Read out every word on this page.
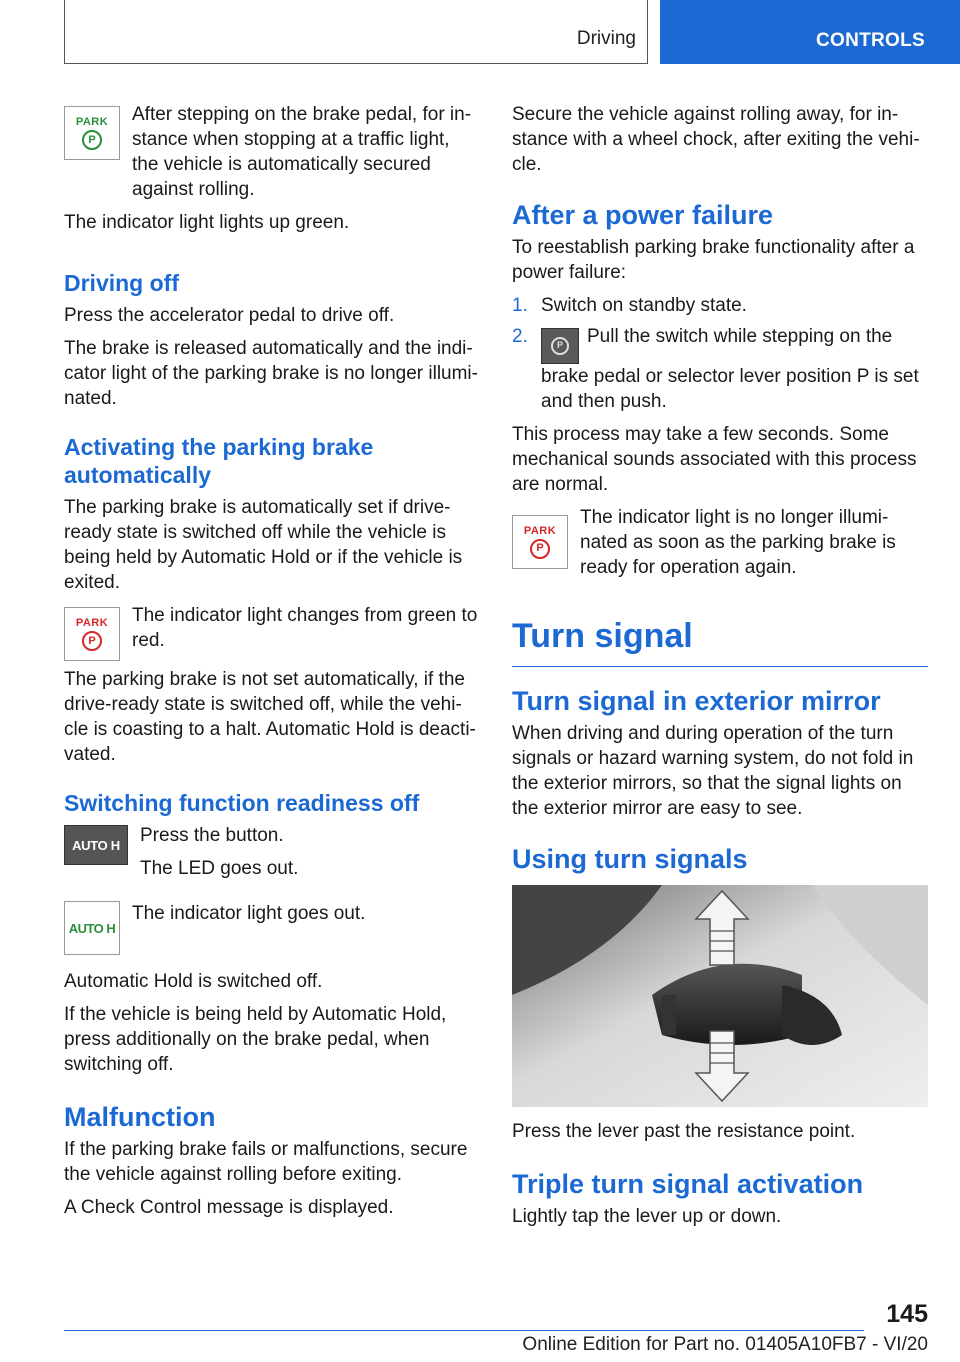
Driving	CONTROLS
PARK
P

After stepping on the brake pedal, for in-stance when stopping at a traffic light, the vehicle is automatically secured against rolling.

The indicator light lights up green.

Driving off

Press the accelerator pedal to drive off.

The brake is released automatically and the indi-cator light of the parking brake is no longer illumi-nated.

Activating the parking brake automatically

The parking brake is automatically set if drive-ready state is switched off while the vehicle is being held by Automatic Hold or if the vehicle is exited.

PARK
P

The indicator light changes from green to red.

The parking brake is not set automatically, if the drive-ready state is switched off, while the vehi-cle is coasting to a halt. Automatic Hold is deacti-vated.

Switching function readiness off
AUTO H Press the button.

The LED goes out.

AUTO H

The indicator light goes out.

Automatic Hold is switched off.

If the vehicle is being held by Automatic Hold, press additionally on the brake pedal, when switching off.

Malfunction

If the parking brake fails or malfunctions, secure the vehicle against rolling before exiting.

A Check Control message is displayed.

Secure the vehicle against rolling away, for in-stance with a wheel chock, after exiting the vehi-cle.

After a power failure

To reestablish parking brake functionality after a power failure:

1. Switch on standby state.
2.	P	Pull the switch while stepping on the brake pedal or selector lever position P is set and then push.

This process may take a few seconds. Some mechanical sounds associated with this process are normal.

PARK
P

The indicator light is no longer illumi-nated as soon as the parking brake is ready for operation again.

Turn signal
Turn signal in exterior mirror

When driving and during operation of the turn signals or hazard warning system, do not fold in the exterior mirrors, so that the signal lights on the exterior mirror are easy to see.

Using turn signals

Press the lever past the resistance point.

Triple turn signal activation

Lightly tap the lever up or down.

145
Online Edition for Part no. 01405A10FB7 - VI/20
